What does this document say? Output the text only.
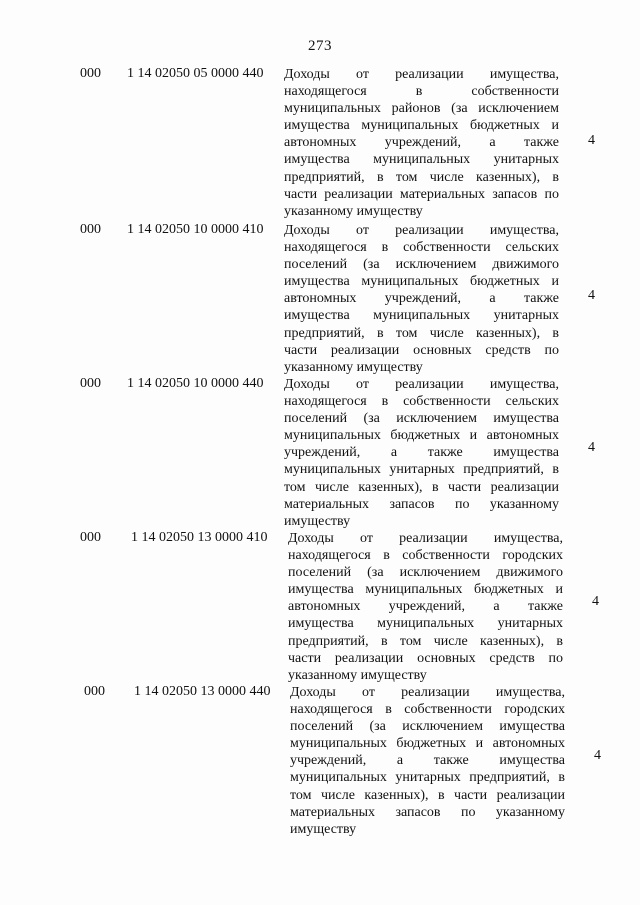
273
000 1 14 02050 05 0000 440 Доходы от реализации имущества,
находящегося в собственности
муниципальных районов (за исключением
имущества муниципальных бюджетных и
автономных учреждений, а также
имущества муниципальных унитарных
предприятий, в том числе казенных), в
части реализации материальных запасов по
указанному имуществу
4
000 1 14 02050 10 0000 410 Доходы от реализации имущества,
находящегося в собственности сельских
поселений (за исключением движимого
имущества муниципальных бюджетных и
автономных учреждений, а также
имущества муниципальных унитарных
предприятий, в том числе казенных), в
части реализации основных средств по
указанному имуществу
4
000 1 14 02050 10 0000 440 Доходы от реализации имущества,
находящегося в собственности сельских
поселений (за исключением имущества
муниципальных бюджетных и автономных
учреждений, а также имущества
муниципальных унитарных предприятий, в
том числе казенных), в части реализации
материальных запасов по указанному
имуществу
4
000 1 14 02050 13 0000 410 Доходы от реализации имущества,
находящегося в собственности городских
поселений (за исключением движимого
имущества муниципальных бюджетных и
автономных учреждений, а также
имущества муниципальных унитарных
предприятий, в том числе казенных), в
части реализации основных средств по
указанному имуществу
4
000 1 14 02050 13 0000 440 Доходы от реализации имущества,
находящегося в собственности городских
поселений (за исключением имущества
муниципальных бюджетных и автономных
учреждений, а также имущества
муниципальных унитарных предприятий, в
том числе казенных), в части реализации
материальных запасов по указанному
имуществу
4
